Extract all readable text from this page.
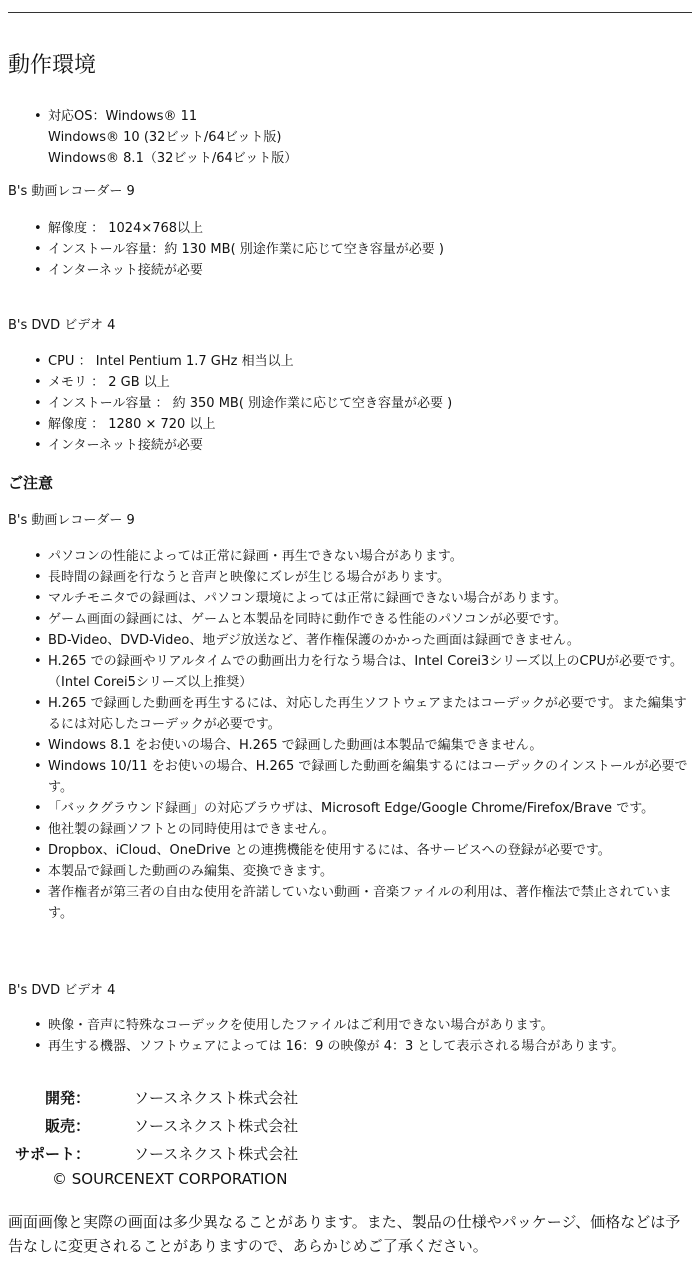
動作環境
• 対応OS：Windows® 11
Windows® 10 (32ビット/64ビット版)
Windows® 8.1（32ビット/64ビット版）

B's 動画レコーダー 9

• 解像度 ： 1024×768以上
• インストール容量：約 130 MB( 別途作業に応じて空き容量が必要 )
• インターネット接続が必要

B's DVD ビデオ 4

• CPU ： Intel Pentium 1.7 GHz 相当以上
• メモリ ： 2 GB 以上
• インストール容量 ： 約 350 MB( 別途作業に応じて空き容量が必要 )
• 解像度 ： 1280 × 720 以上
• インターネット接続が必要

ご注意

B's 動画レコーダー 9

• パソコンの性能によっては正常に録画・再生できない場合があります。
• 長時間の録画を行なうと音声と映像にズレが生じる場合があります。
• マルチモニタでの録画は、パソコン環境によっては正常に録画できない場合があります。
• ゲーム画面の録画には、ゲームと本製品を同時に動作できる性能のパソコンが必要です。
• BD-Video、DVD-Video、地デジ放送など、著作権保護のかかった画面は録画できません。
• H.265 での録画やリアルタイムでの動画出力を行なう場合は、Intel Corei3シリーズ以上のCPUが必要です。（Intel Corei5シリーズ以上推奨）
• H.265 で録画した動画を再生するには、対応した再生ソフトウェアまたはコーデックが必要です。また編集するには対応したコーデックが必要です。
• Windows 8.1 をお使いの場合、H.265 で録画した動画は本製品で編集できません。
• Windows 10/11 をお使いの場合、H.265 で録画した動画を編集するにはコーデックのインストールが必要です。
• 「バックグラウンド録画」の対応ブラウザは、Microsoft Edge/Google Chrome/Firefox/Brave です。
• 他社製の録画ソフトとの同時使用はできません。
• Dropbox、iCloud、OneDrive との連携機能を使用するには、各サービスへの登録が必要です。
• 本製品で録画した動画のみ編集、変換できます。
• 著作権者が第三者の自由な使用を許諾していない動画・音楽ファイルの利用は、著作権法で禁止されています。

B's DVD ビデオ 4

• 映像・音声に特殊なコーデックを使用したファイルはご利用できない場合があります。
• 再生する機器、ソフトウェアによっては 16：9 の映像が 4：3 として表示される場合があります。
開発：	ソースネクスト株式会社
販売：	ソースネクスト株式会社
サポート：	ソースネクスト株式会社
© SOURCENEXT CORPORATION

画面画像と実際の画面は多少異なることがあります。また、製品の仕様やパッケージ、価格などは予告なしに変更されることがありますので、あらかじめご了承ください。
